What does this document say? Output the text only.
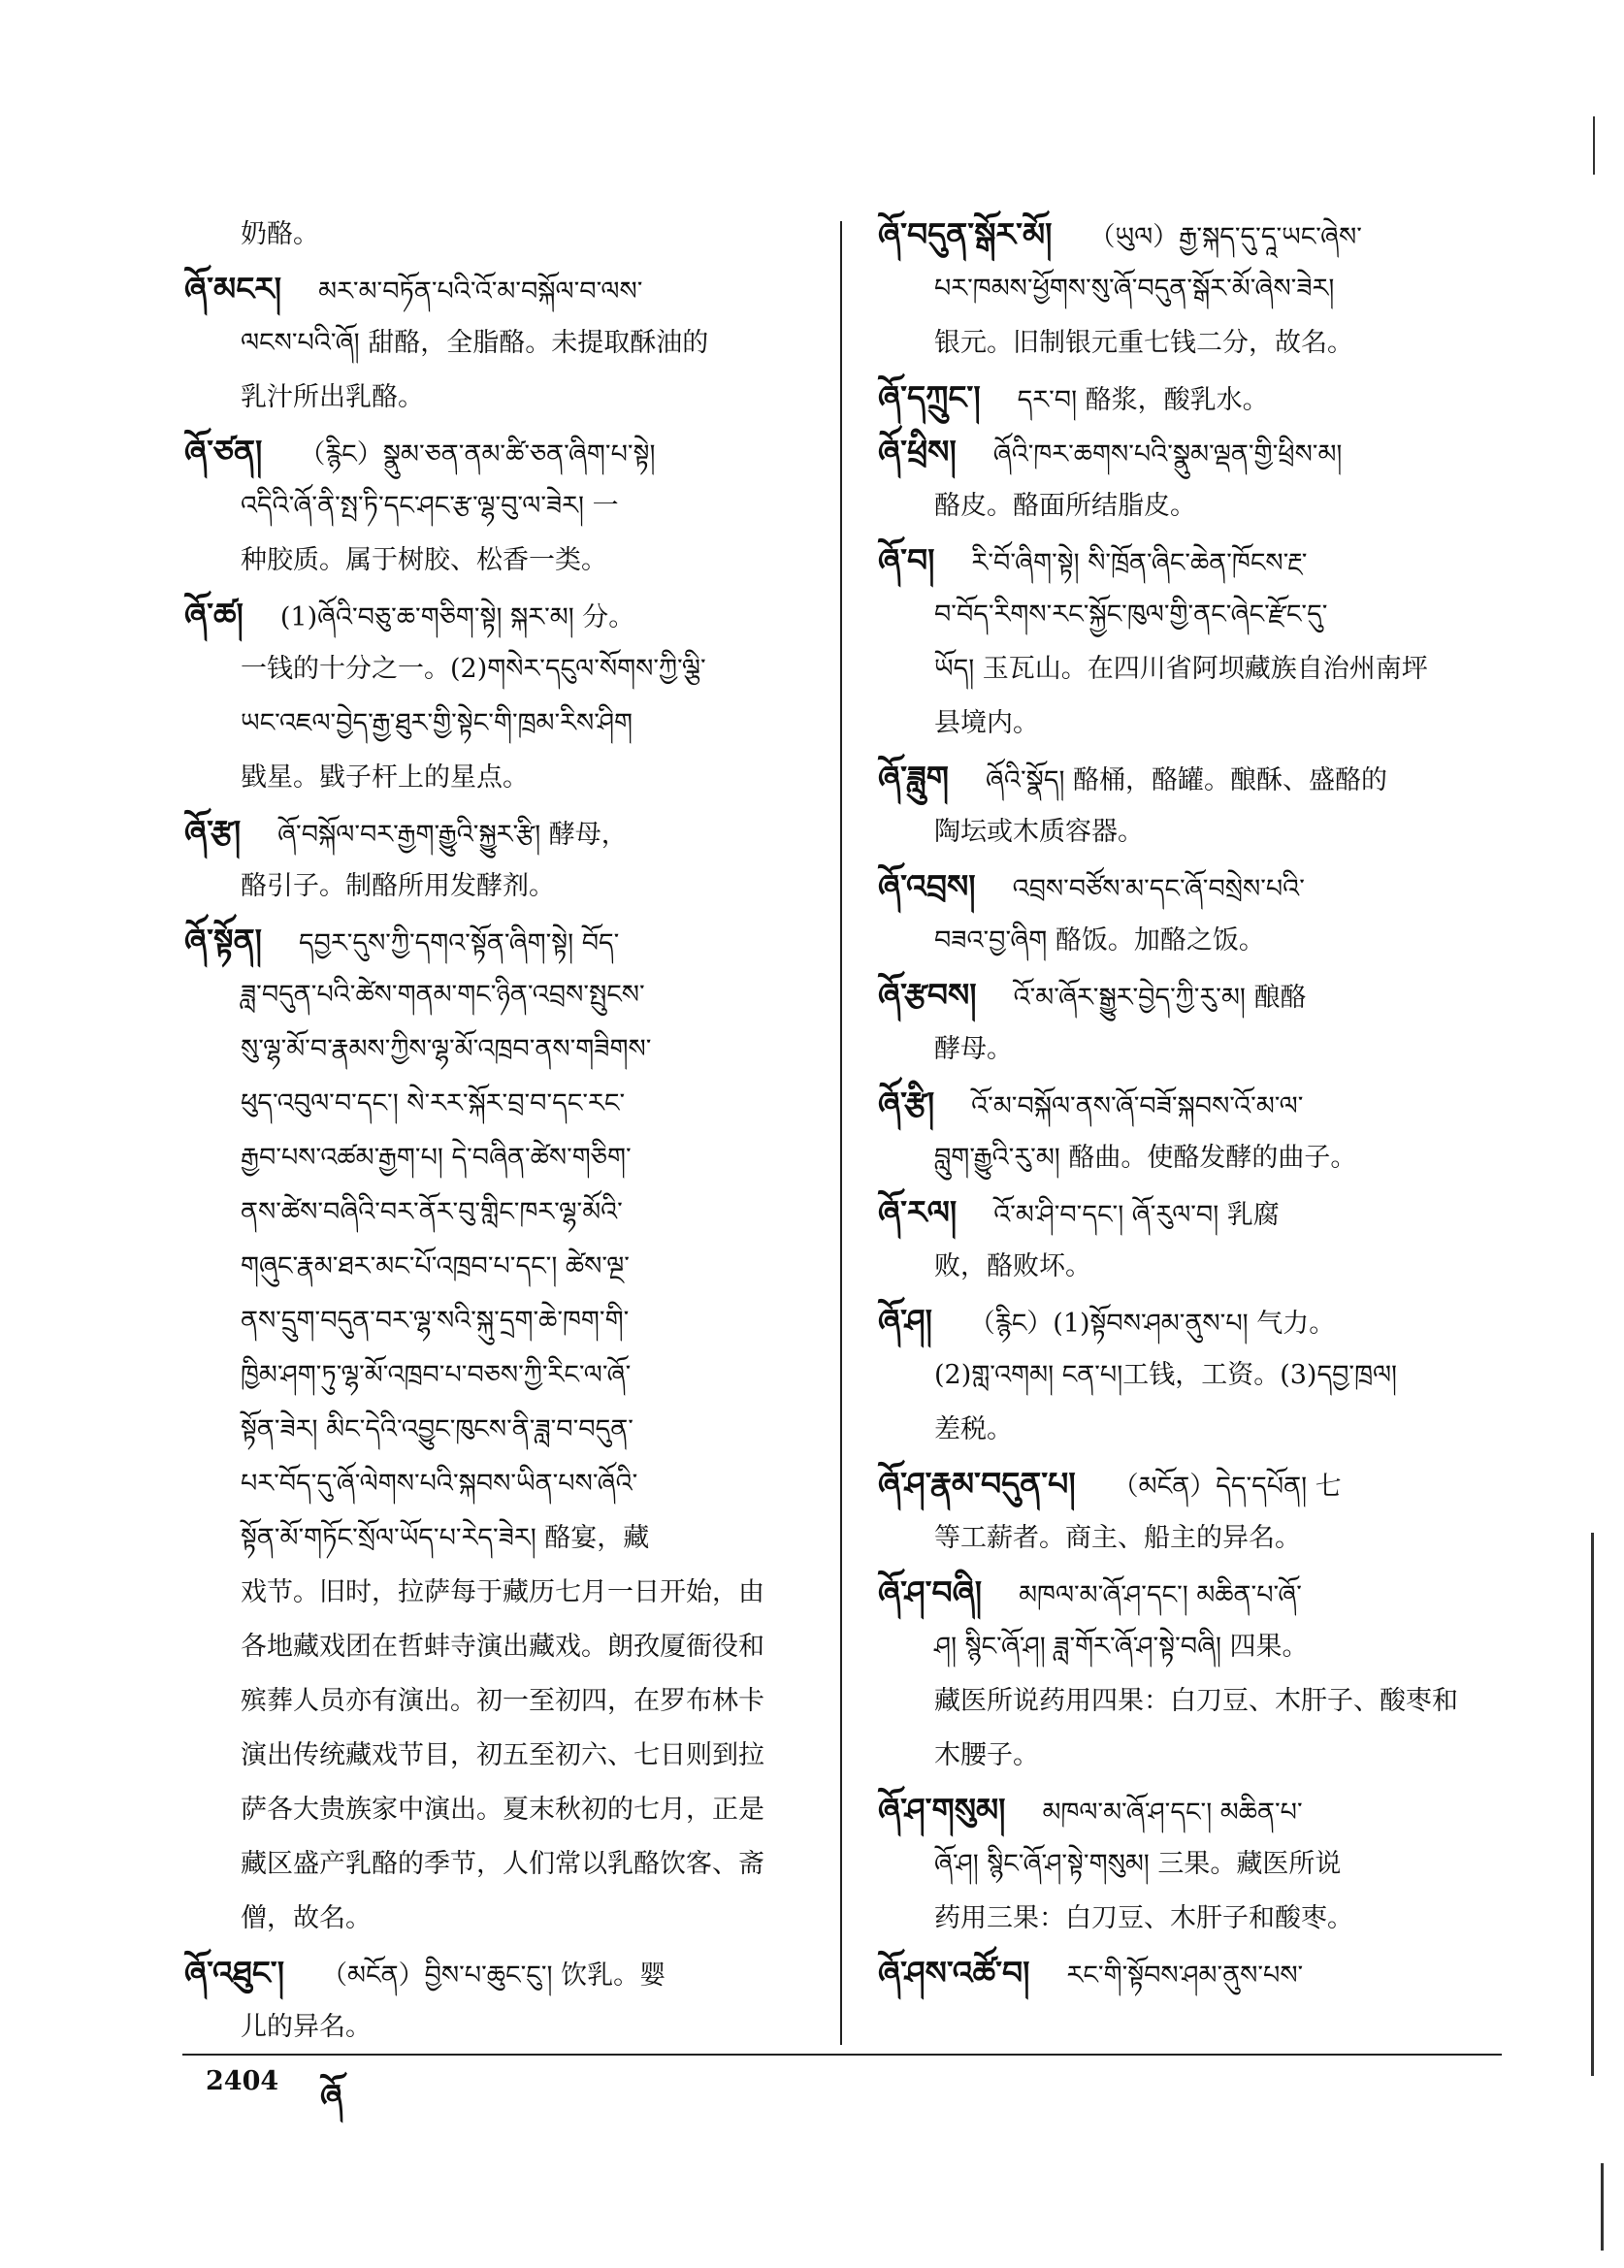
奶酪。
ཞོ་མངར། མར་མ་བཏོན་པའི་འོ་མ་བསྐོལ་བ་ལས་
ལངས་པའི་ཞོ། 甜酪，全脂酪。未提取酥油的
乳汁所出乳酪。
ཞོ་ཙན། （རྙིང）སྣུམ་ཅན་ནམ་ཚི་ཅན་ཞིག་པ་སྟེ།
འདིའི་ཞོ་ནི་སྤ་ཏི་དང་ཤང་རྩ་ལྷ་བུ་ལ་ཟེར། 一
种胶质。属于树胶、松香一类。
ཞོ་ཚ། (1)ཞོའི་བཅུ་ཆ་གཅིག་སྟེ། སྐར་མ། 分。
一钱的十分之一。(2)གསེར་དངུལ་སོགས་ཀྱི་ལྕི་
ཡང་འཇལ་བྱེད་རྒྱ་ཐུར་གྱི་སྟེང་གི་ཁྲམ་རིས་ཤིག
戥星。戥子杆上的星点。
ཞོ་རྩ། ཞོ་བསྐོལ་བར་རྒྱག་རྒྱུའི་སྐྱུར་རྩི། 酵母，
酪引子。制酪所用发酵剂。
ཞོ་སྟོན། དབྱར་དུས་ཀྱི་དགའ་སྟོན་ཞིག་སྟེ། བོད་
ཟླ་བདུན་པའི་ཚེས་གནམ་གང་ཉིན་འབྲས་སྤུངས་
སུ་ལྷ་མོ་བ་རྣམས་ཀྱིས་ལྷ་མོ་འཁྲབ་ནས་གཟིགས་
ཕུད་འབུལ་བ་དང་། སེ་རར་སྐོར་བྲ་བ་དང་རང་
རྒྱབ་པས་འཚམ་རྒྱག་པ། དེ་བཞིན་ཚེས་གཅིག་
ནས་ཚེས་བཞིའི་བར་ནོར་བུ་གླིང་ཁར་ལྷ་མོའི་
གཞུང་རྣམ་ཐར་མང་པོ་འཁྲབ་པ་དང་། ཚེས་ལྔ་
ནས་དྲུག་བདུན་བར་ལྷ་སའི་སྐུ་དྲག་ཆེ་ཁག་གི་
ཁྱིམ་ཤག་ཏུ་ལྷ་མོ་འཁྲབ་པ་བཅས་ཀྱི་རིང་ལ་ཞོ་
སྟོན་ཟེར། མིང་དེའི་འབྱུང་ཁུངས་ནི་ཟླ་བ་བདུན་
པར་བོད་དུ་ཞོ་ལེགས་པའི་སྐབས་ཡིན་པས་ཞོའི་
སྟོན་མོ་གཏོང་སྲོལ་ཡོད་པ་རེད་ཟེར། 酪宴，藏
戏节。旧时，拉萨每于藏历七月一日开始，由
各地藏戏团在哲蚌寺演出藏戏。朗孜厦衙役和
殡葬人员亦有演出。初一至初四，在罗布林卡
演出传统藏戏节目，初五至初六、七日则到拉
萨各大贵族家中演出。夏末秋初的七月，正是
藏区盛产乳酪的季节，人们常以乳酪饮客、斋
僧，故名。
ཞོ་འཐུང་། （མངོན）བྱིས་པ་ཆུང་ངུ་། 饮乳。婴
儿的异名。
ཞོ་བདུན་སྒོར་མོ། （ཡུལ）རྒྱ་སྐད་དུ་དཱ་ཡང་ཞེས་
པར་ཁམས་ཕྱོགས་སུ་ཞོ་བདུན་སྒོར་མོ་ཞེས་ཟེར།
银元。旧制银元重七钱二分，故名。
ཞོ་དཀྲུང་། དར་བ། 酪浆，酸乳水。
ཞོ་ཕྲིས། ཞོའི་ཁར་ཆགས་པའི་སྣུམ་ལྡན་གྱི་ཕྲིས་མ།
酪皮。酪面所结脂皮。
ཞོ་བ། རི་བོ་ཞིག་སྟེ། སི་ཁྲོན་ཞིང་ཆེན་ཁོངས་རྔ་
བ་བོད་རིགས་རང་སྐྱོང་ཁུལ་གྱི་ནང་ཞེང་རྫོང་དུ་
ཡོད། 玉瓦山。在四川省阿坝藏族自治州南坪
县境内。
ཞོ་ཟླུག ཞོའི་སྣོད། 酪桶，酪罐。酿酥、盛酪的
陶坛或木质容器。
ཞོ་འབྲས། འབྲས་བཙོས་མ་དང་ཞོ་བསྲེས་པའི་
བཟའ་བྱ་ཞིག 酪饭。加酪之饭。
ཞོ་རྩབས། འོ་མ་ཞོར་སྒྱུར་བྱེད་ཀྱི་རུ་མ། 酿酪
酵母。
ཞོ་རྩི། འོ་མ་བསྐོལ་ནས་ཞོ་བཟོ་སྐབས་འོ་མ་ལ་
བླུག་རྒྱུའི་རུ་མ། 酪曲。使酪发酵的曲子。
ཞོ་རལ། འོ་མ་ཤི་བ་དང་། ཞོ་རུལ་བ། 乳腐
败，酪败坏。
ཞོ་ཤ། （རྙིང）(1)སྟོབས་ཤམ་ནུས་པ། 气力。
(2)གླ་འགམ། ངན་པ།工钱，工资。(3)དབྱ་ཁྲལ།
差税。
ཞོ་ཤ་རྣམ་བདུན་པ། （མངོན）དེད་དཔོན། 七
等工薪者。商主、船主的异名。
ཞོ་ཤ་བཞི། མཁལ་མ་ཞོ་ཤ་དང་། མཆིན་པ་ཞོ་
ཤ། སྙིང་ཞོ་ཤ། ཟླ་གོར་ཞོ་ཤ་སྟེ་བཞི། 四果。
藏医所说药用四果：白刀豆、木肝子、酸枣和
木腰子。
ཞོ་ཤ་གསུམ། མཁལ་མ་ཞོ་ཤ་དང་། མཆིན་པ་
ཞོ་ཤ། སྙིང་ཞོ་ཤ་སྟེ་གསུམ། 三果。藏医所说
药用三果：白刀豆、木肝子和酸枣。
ཞོ་ཤས་འཚོ་བ། རང་གི་སྟོབས་ཤམ་ནུས་པས་
2404 ཞོ
